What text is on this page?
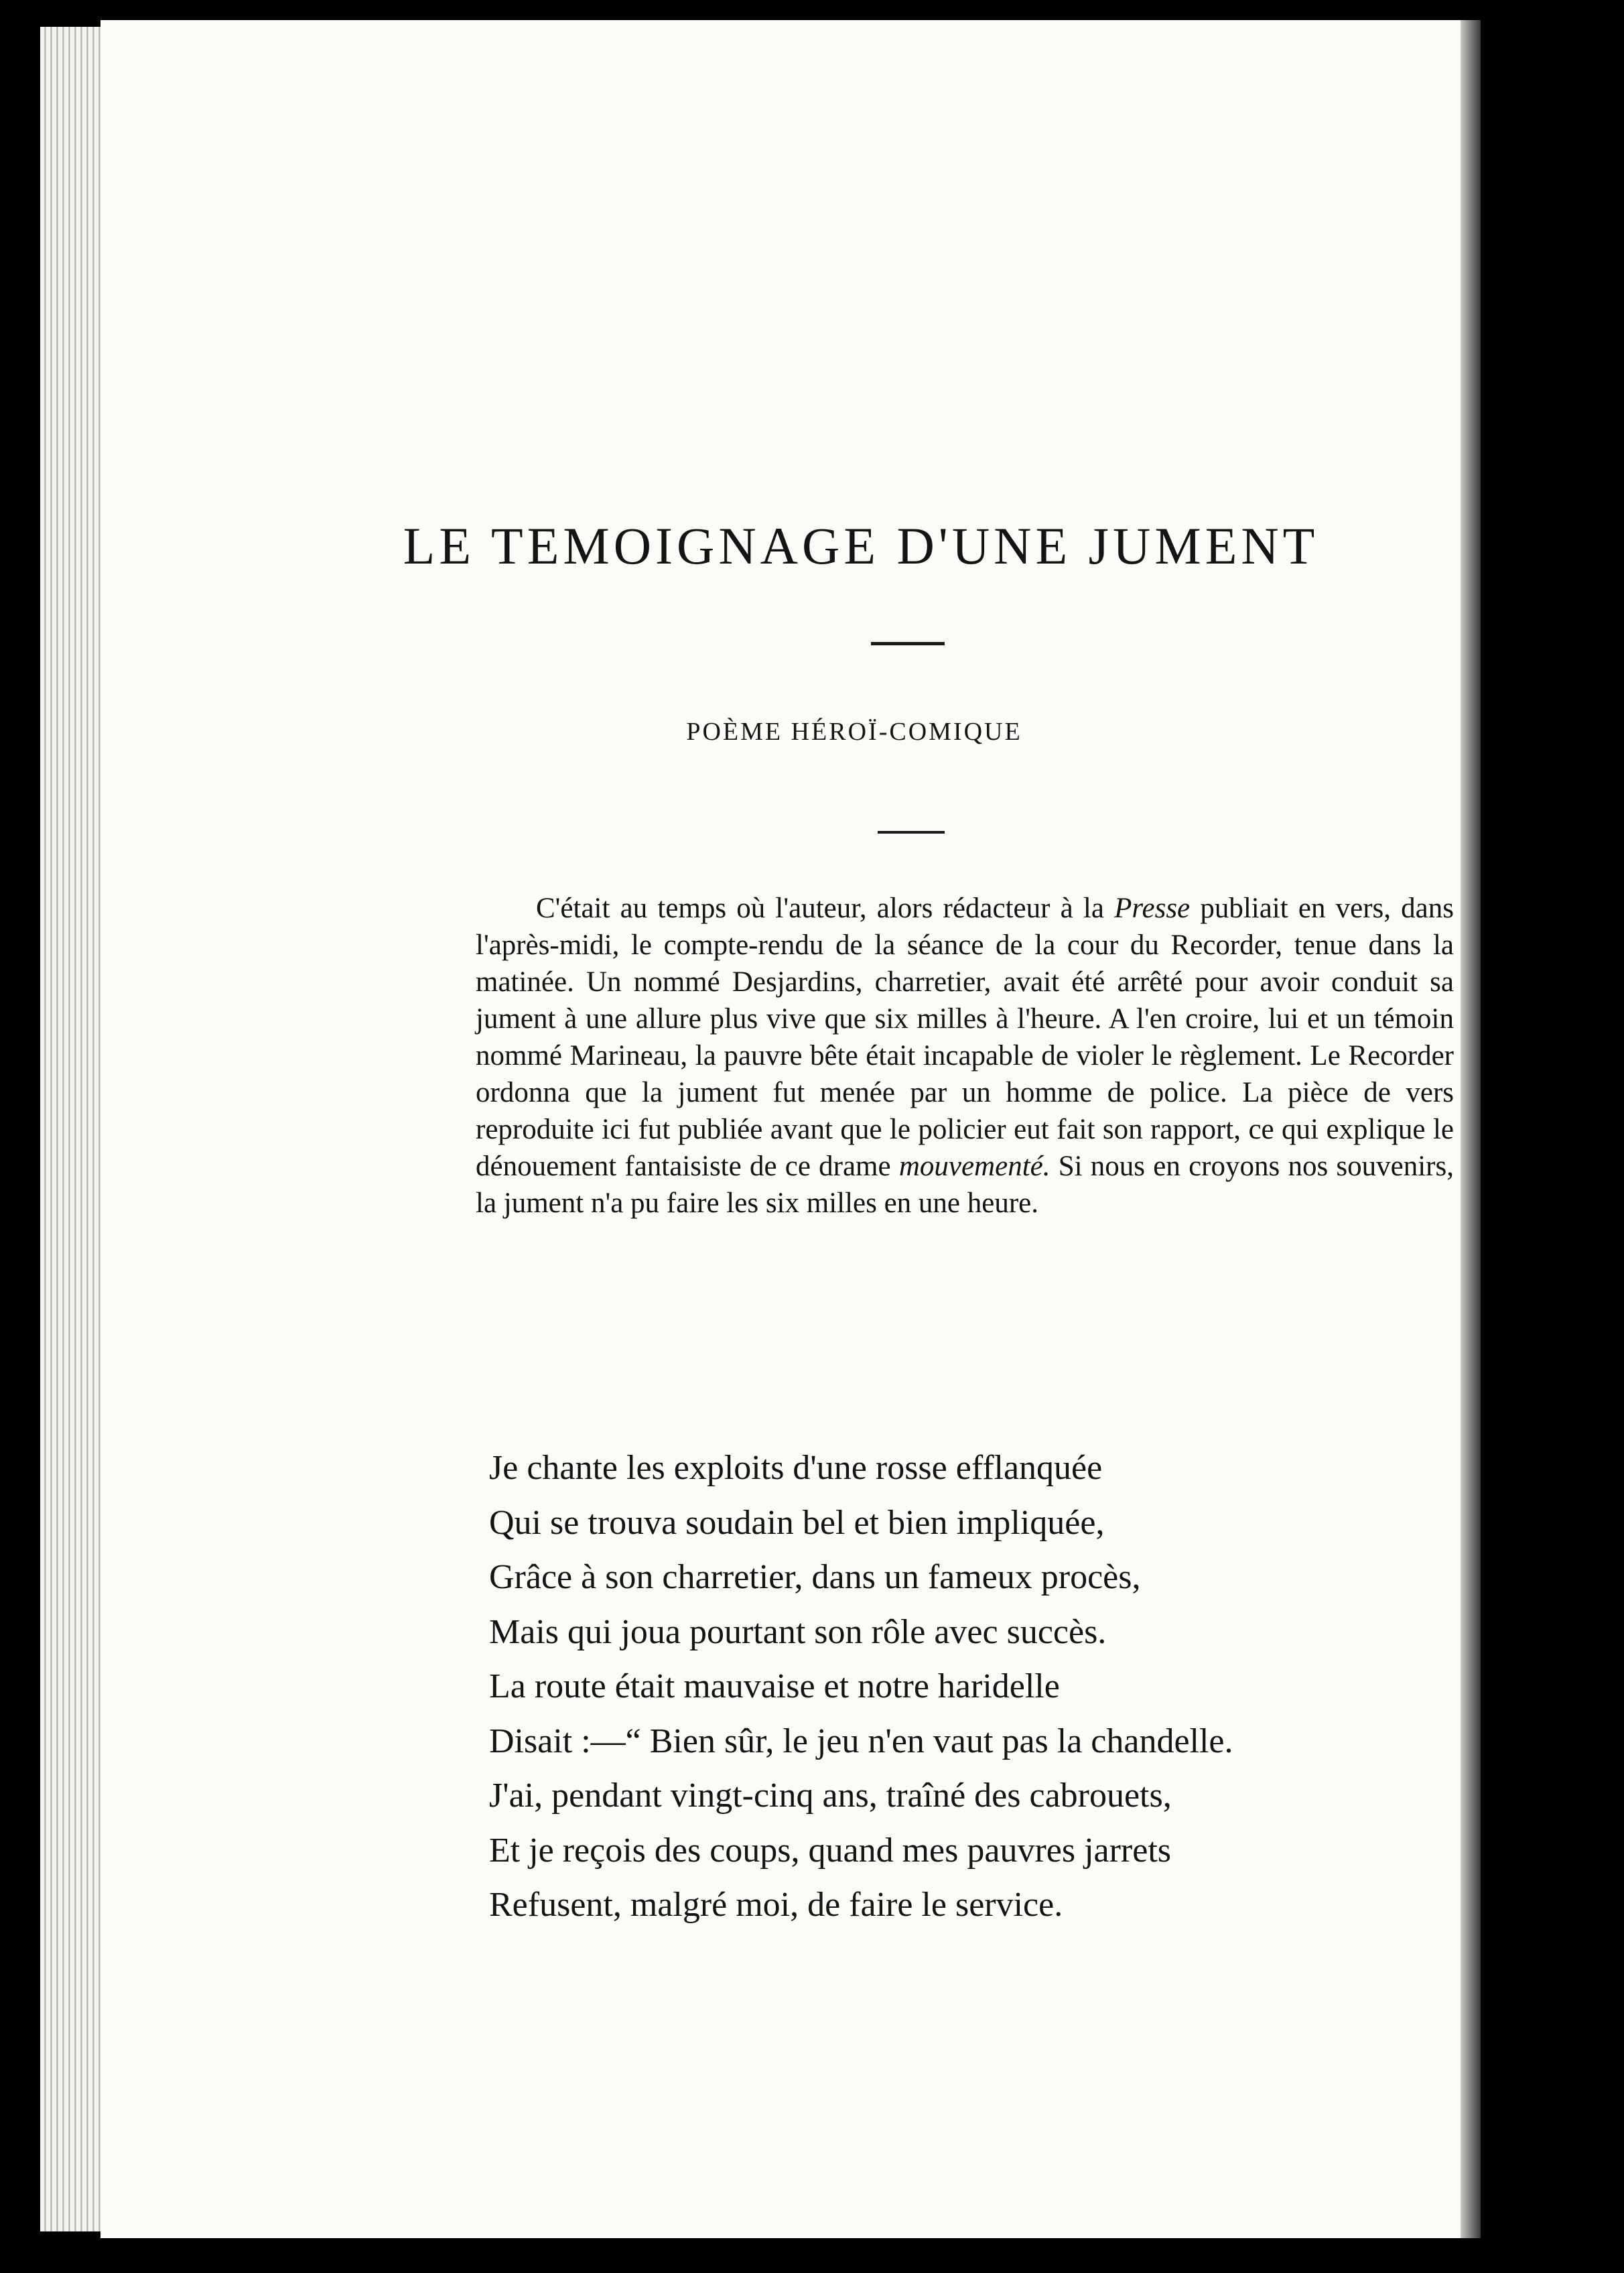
LE TEMOIGNAGE D'UNE JUMENT
POÈME HÉROÏ-COMIQUE

C'était au temps où l'auteur, alors rédacteur à la Presse publiait en vers, dans l'après-midi, le compte-rendu de la séance de la cour du Recorder, tenue dans la matinée. Un nommé Desjardins, charretier, avait été arrêté pour avoir conduit sa jument à une allure plus vive que six milles à l'heure. A l'en croire, lui et un témoin nommé Marineau, la pauvre bête était incapable de violer le règlement. Le Recorder ordonna que la jument fut menée par un homme de police. La pièce de vers reproduite ici fut publiée avant que le policier eut fait son rapport, ce qui explique le dénouement fantaisiste de ce drame mouvementé. Si nous en croyons nos souvenirs, la jument n'a pu faire les six milles en une heure.

Je chante les exploits d'une rosse efflanquée
Qui se trouva soudain bel et bien impliquée,
Grâce à son charretier, dans un fameux procès,
Mais qui joua pourtant son rôle avec succès.
La route était mauvaise et notre haridelle
Disait :—“ Bien sûr, le jeu n'en vaut pas la chandelle.
J'ai, pendant vingt-cinq ans, traîné des cabrouets,
Et je reçois des coups, quand mes pauvres jarrets
Refusent, malgré moi, de faire le service.
